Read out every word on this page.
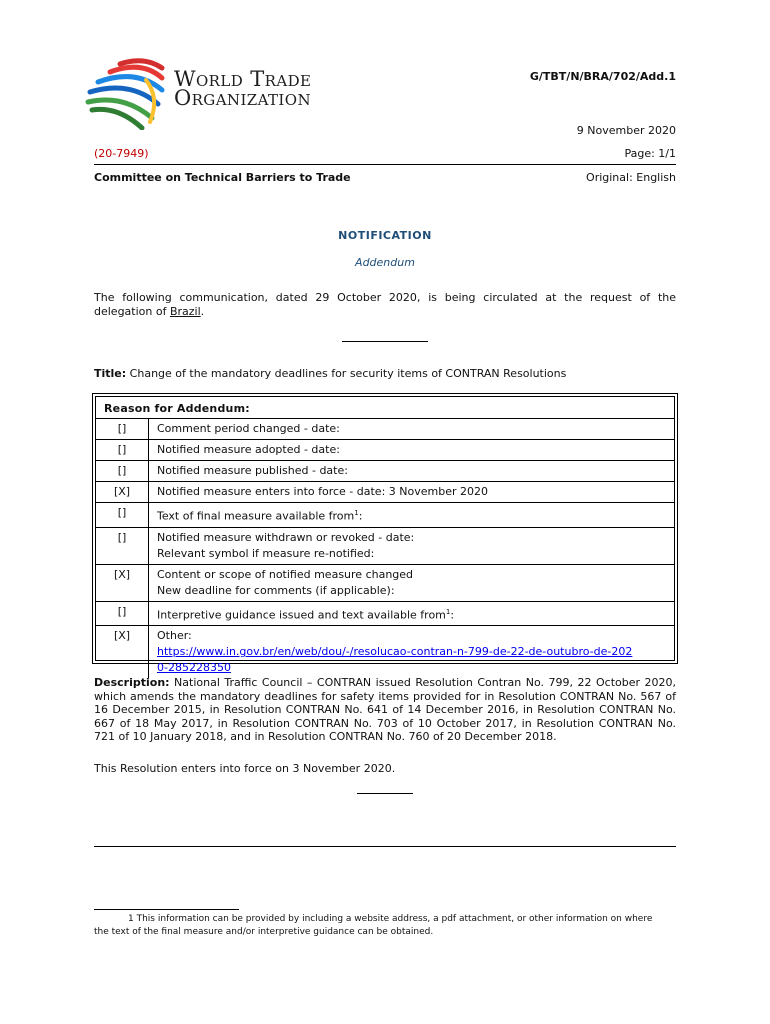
World Trade
Organization
G/TBT/N/BRA/702/Add.1
9 November 2020
(20-7949)	Page: 1/1
Committee on Technical Barriers to Trade	Original: English
NOTIFICATION
Addendum
The following communication, dated 29 October 2020, is being circulated at the request of the delegation of Brazil.
Title: Change of the mandatory deadlines for security items of CONTRAN Resolutions
Reason for Addendum:
[]	Comment period changed - date:
[]	Notified measure adopted - date:
[]	Notified measure published - date:
[X]	Notified measure enters into force - date: 3 November 2020
[]	Text of final measure available from$^1$:
[]	Notified measure withdrawn or revoked - date:
Relevant symbol if measure re-notified:

[X]	Content or scope of notified measure changed
New deadline for comments (if applicable):

[]	Interpretive guidance issued and text available from$^1$:
[X]	Other:
https://www.in.gov.br/en/web/dou/-/resolucao-contran-n-799-de-22-de-outubro-de-2020-285228350
Description: National Traffic Council – CONTRAN issued Resolution Contran No. 799, 22 October 2020, which amends the mandatory deadlines for safety items provided for in Resolution CONTRAN No. 567 of 16 December 2015, in Resolution CONTRAN No. 641 of 14 December 2016, in Resolution CONTRAN No. 667 of 18 May 2017, in Resolution CONTRAN No. 703 of 10 October 2017, in Resolution CONTRAN No. 721 of 10 January 2018, and in Resolution CONTRAN No. 760 of 20 December 2018.
This Resolution enters into force on 3 November 2020.
1 This information can be provided by including a website address, a pdf attachment, or other information on where the text of the final measure and/or interpretive guidance can be obtained.
